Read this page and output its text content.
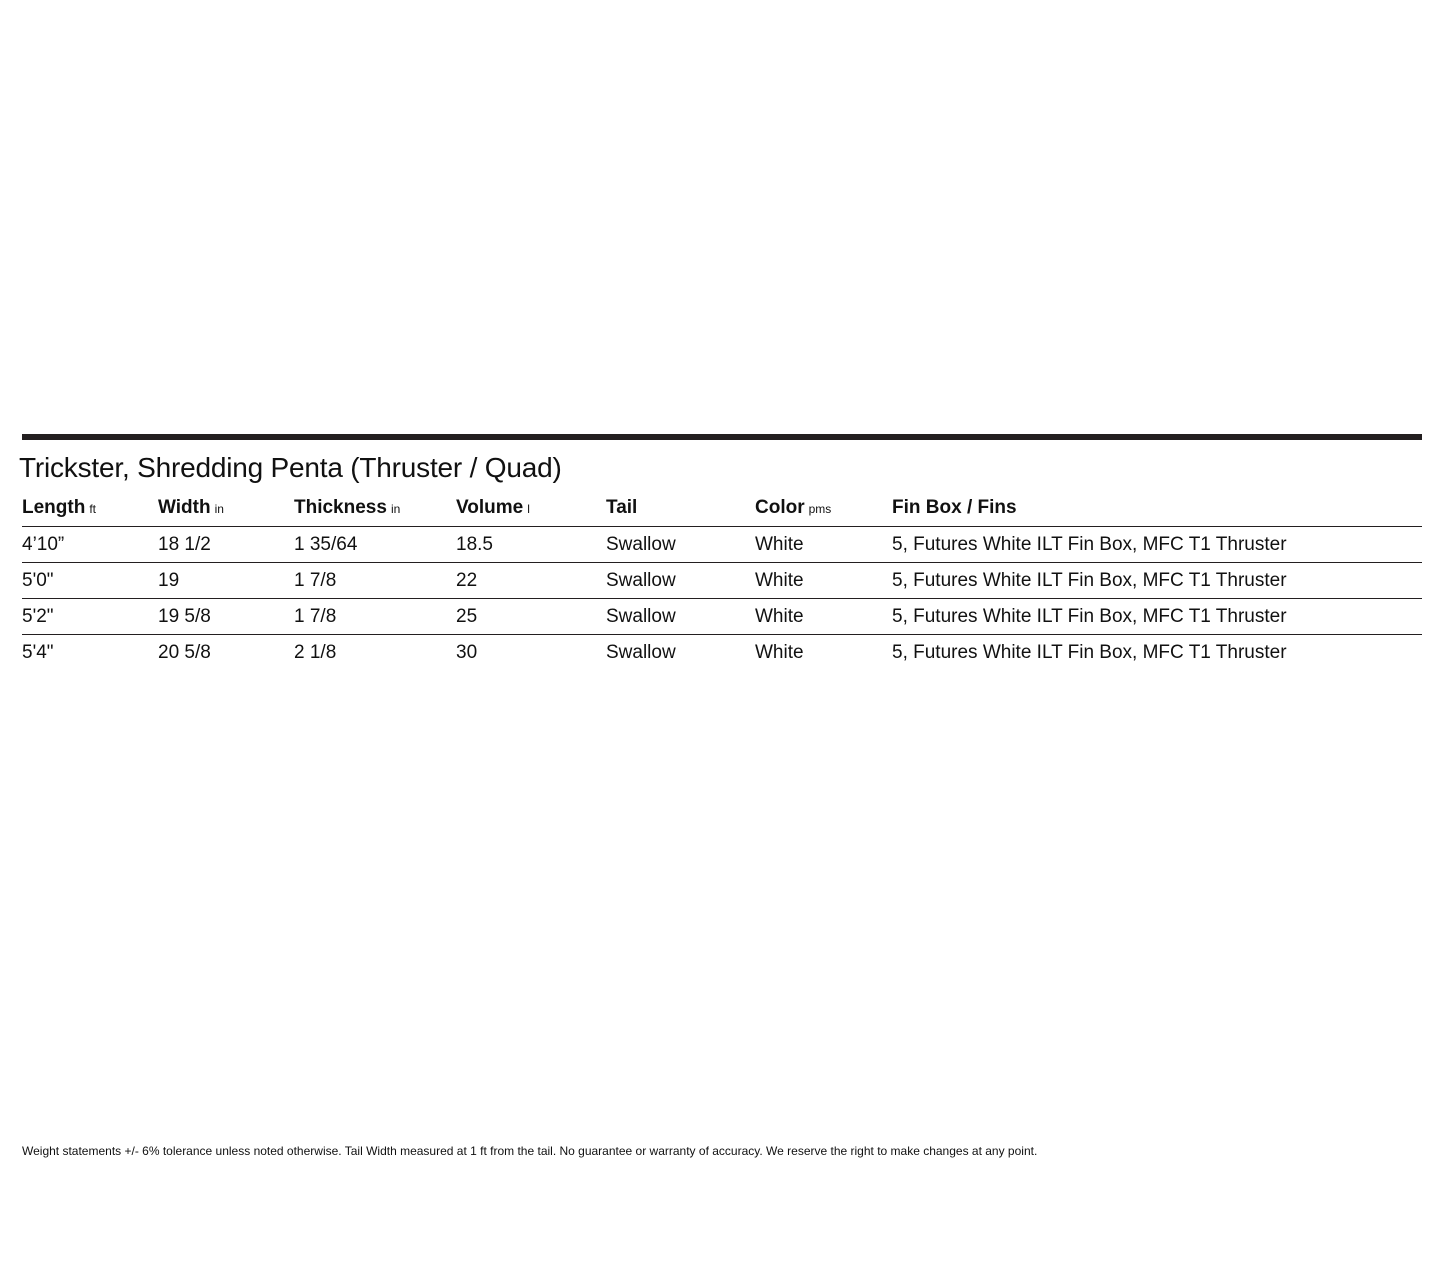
Trickster, Shredding Penta (Thruster / Quad)
Length ft	Width in	Thickness in	Volume l	Tail	Color pms	Fin Box / Fins
4’10”	18 1/2	1 35/64	18.5	Swallow	White	5, Futures White ILT Fin Box, MFC T1 Thruster
5'0"	19	1 7/8	22	Swallow	White	5, Futures White ILT Fin Box, MFC T1 Thruster
5'2"	19 5/8	1 7/8	25	Swallow	White	5, Futures White ILT Fin Box, MFC T1 Thruster
5'4"	20 5/8	2 1/8	30	Swallow	White	5, Futures White ILT Fin Box, MFC T1 Thruster
Weight statements +/- 6% tolerance unless noted otherwise. Tail Width measured at 1 ft from the tail. No guarantee or warranty of accuracy. We reserve the right to make changes at any point.
